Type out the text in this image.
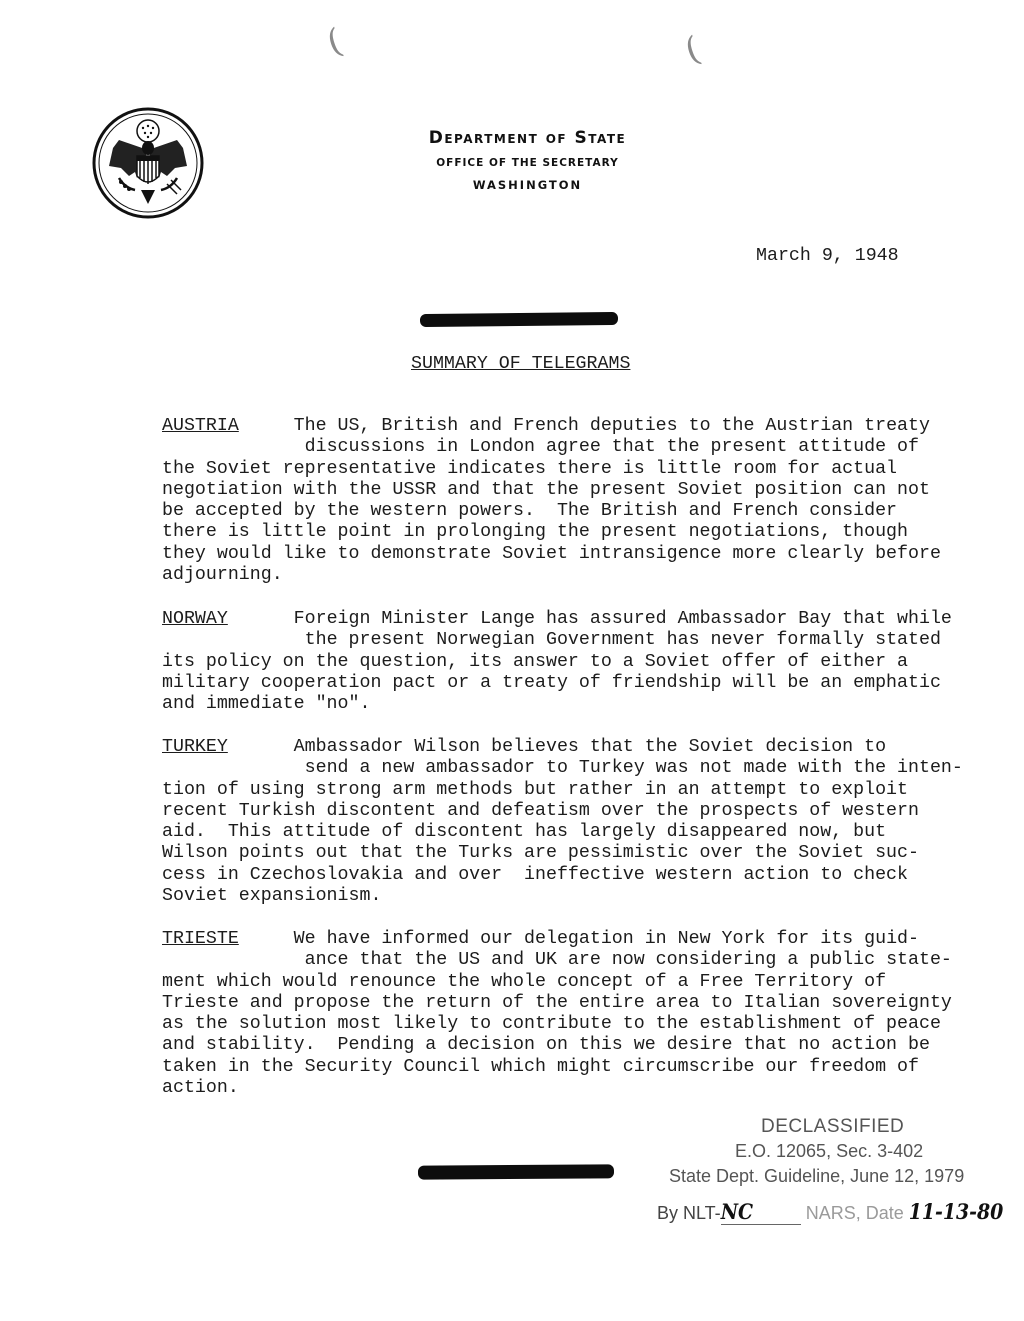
(	(
Department of State
OFFICE OF THE SECRETARY
WASHINGTON
March 9, 1948
SUMMARY OF TELEGRAMS
AUSTRIA	The US, British and French deputies to the Austrian treaty
discussions in London agree that the present attitude of
the Soviet representative indicates there is little room for actual
negotiation with the USSR and that the present Soviet position can not
be accepted by the western powers.  The British and French consider
there is little point in prolonging the present negotiations, though
they would like to demonstrate Soviet intransigence more clearly before
adjourning.
NORWAY	Foreign Minister Lange has assured Ambassador Bay that while
the present Norwegian Government has never formally stated
its policy on the question, its answer to a Soviet offer of either a
military cooperation pact or a treaty of friendship will be an emphatic
and immediate "no".
TURKEY	Ambassador Wilson believes that the Soviet decision to
send a new ambassador to Turkey was not made with the inten-
tion of using strong arm methods but rather in an attempt to exploit
recent Turkish discontent and defeatism over the prospects of western
aid.  This attitude of discontent has largely disappeared now, but
Wilson points out that the Turks are pessimistic over the Soviet suc-
cess in Czechoslovakia and over  ineffective western action to check
Soviet expansionism.
TRIESTE	We have informed our delegation in New York for its guid-
ance that the US and UK are now considering a public state-
ment which would renounce the whole concept of a Free Territory of
Trieste and propose the return of the entire area to Italian sovereignty
as the solution most likely to contribute to the establishment of peace
and stability.  Pending a decision on this we desire that no action be
taken in the Security Council which might circumscribe our freedom of
action.
DECLASSIFIED
E.O. 12065, Sec. 3-402
State Dept. Guideline, June 12, 1979
By NLT-NC	NARS, Date 11-13-80
